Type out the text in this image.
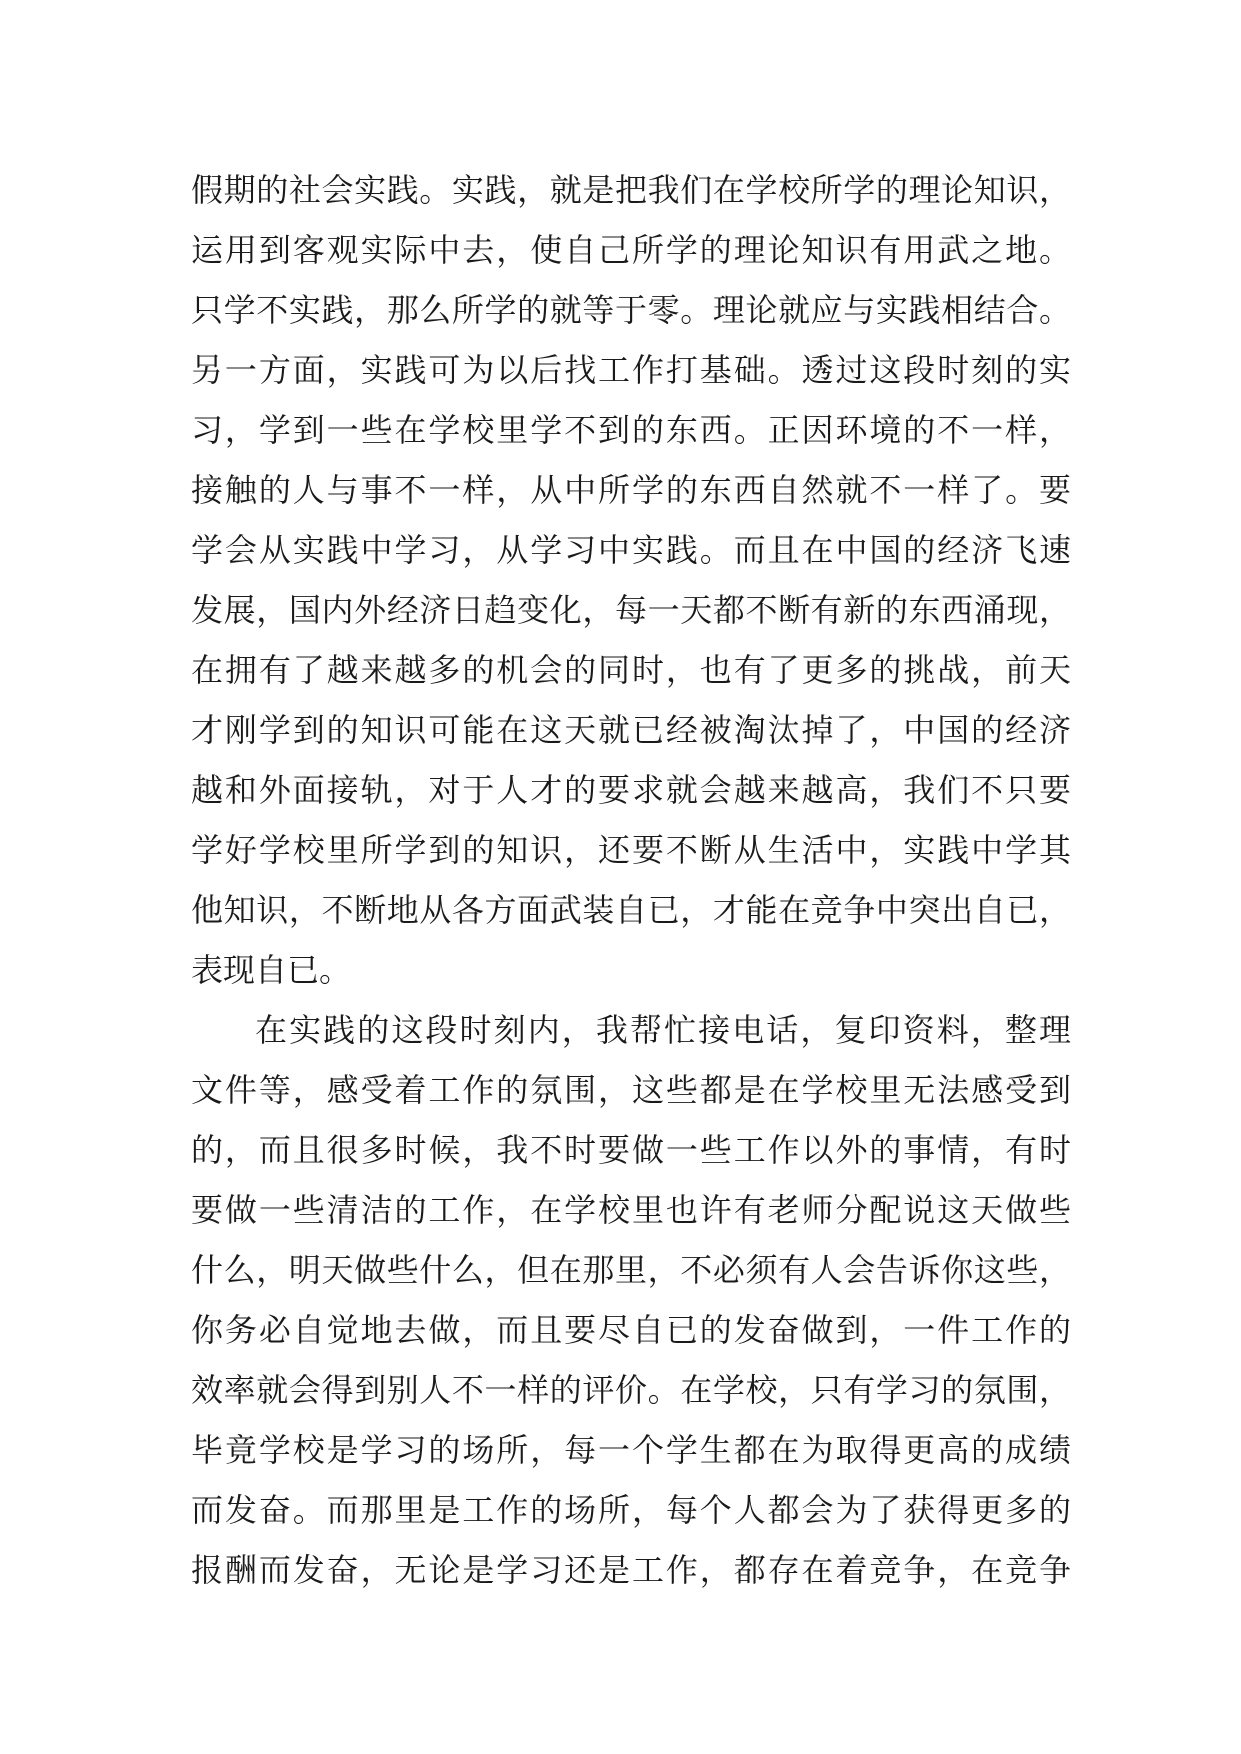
假期的社会实践。实践，就是把我们在学校所学的理论知识，
运用到客观实际中去，使自己所学的理论知识有用武之地。
只学不实践，那么所学的就等于零。理论就应与实践相结合。
另一方面，实践可为以后找工作打基础。透过这段时刻的实
习，学到一些在学校里学不到的东西。正因环境的不一样，
接触的人与事不一样，从中所学的东西自然就不一样了。要
学会从实践中学习，从学习中实践。而且在中国的经济飞速
发展，国内外经济日趋变化，每一天都不断有新的东西涌现，
在拥有了越来越多的机会的同时，也有了更多的挑战，前天
才刚学到的知识可能在这天就已经被淘汰掉了，中国的经济
越和外面接轨，对于人才的要求就会越来越高，我们不只要
学好学校里所学到的知识，还要不断从生活中，实践中学其
他知识，不断地从各方面武装自已，才能在竞争中突出自已，
表现自已。
在实践的这段时刻内，我帮忙接电话，复印资料，整理
文件等，感受着工作的氛围，这些都是在学校里无法感受到
的，而且很多时候，我不时要做一些工作以外的事情，有时
要做一些清洁的工作，在学校里也许有老师分配说这天做些
什么，明天做些什么，但在那里，不必须有人会告诉你这些，
你务必自觉地去做，而且要尽自已的发奋做到，一件工作的
效率就会得到别人不一样的评价。在学校，只有学习的氛围，
毕竟学校是学习的场所，每一个学生都在为取得更高的成绩
而发奋。而那里是工作的场所，每个人都会为了获得更多的
报酬而发奋，无论是学习还是工作，都存在着竞争，在竞争
